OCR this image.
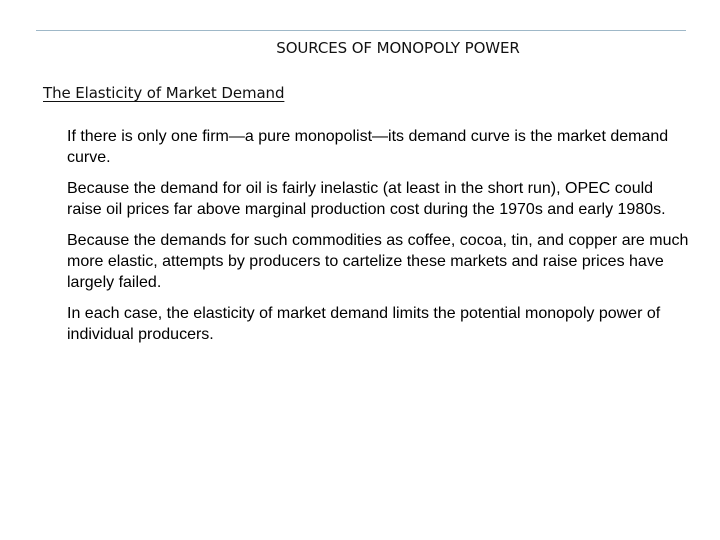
SOURCES OF MONOPOLY POWER
The Elasticity of Market Demand
If there is only one firm—a pure monopolist—its demand curve is the market demand curve.
Because the demand for oil is fairly inelastic (at least in the short run), OPEC could raise oil prices far above marginal production cost during the 1970s and early 1980s.
Because the demands for such commodities as coffee, cocoa, tin, and copper are much more elastic, attempts by producers to cartelize these markets and raise prices have largely failed.
In each case, the elasticity of market demand limits the potential monopoly power of individual producers.
